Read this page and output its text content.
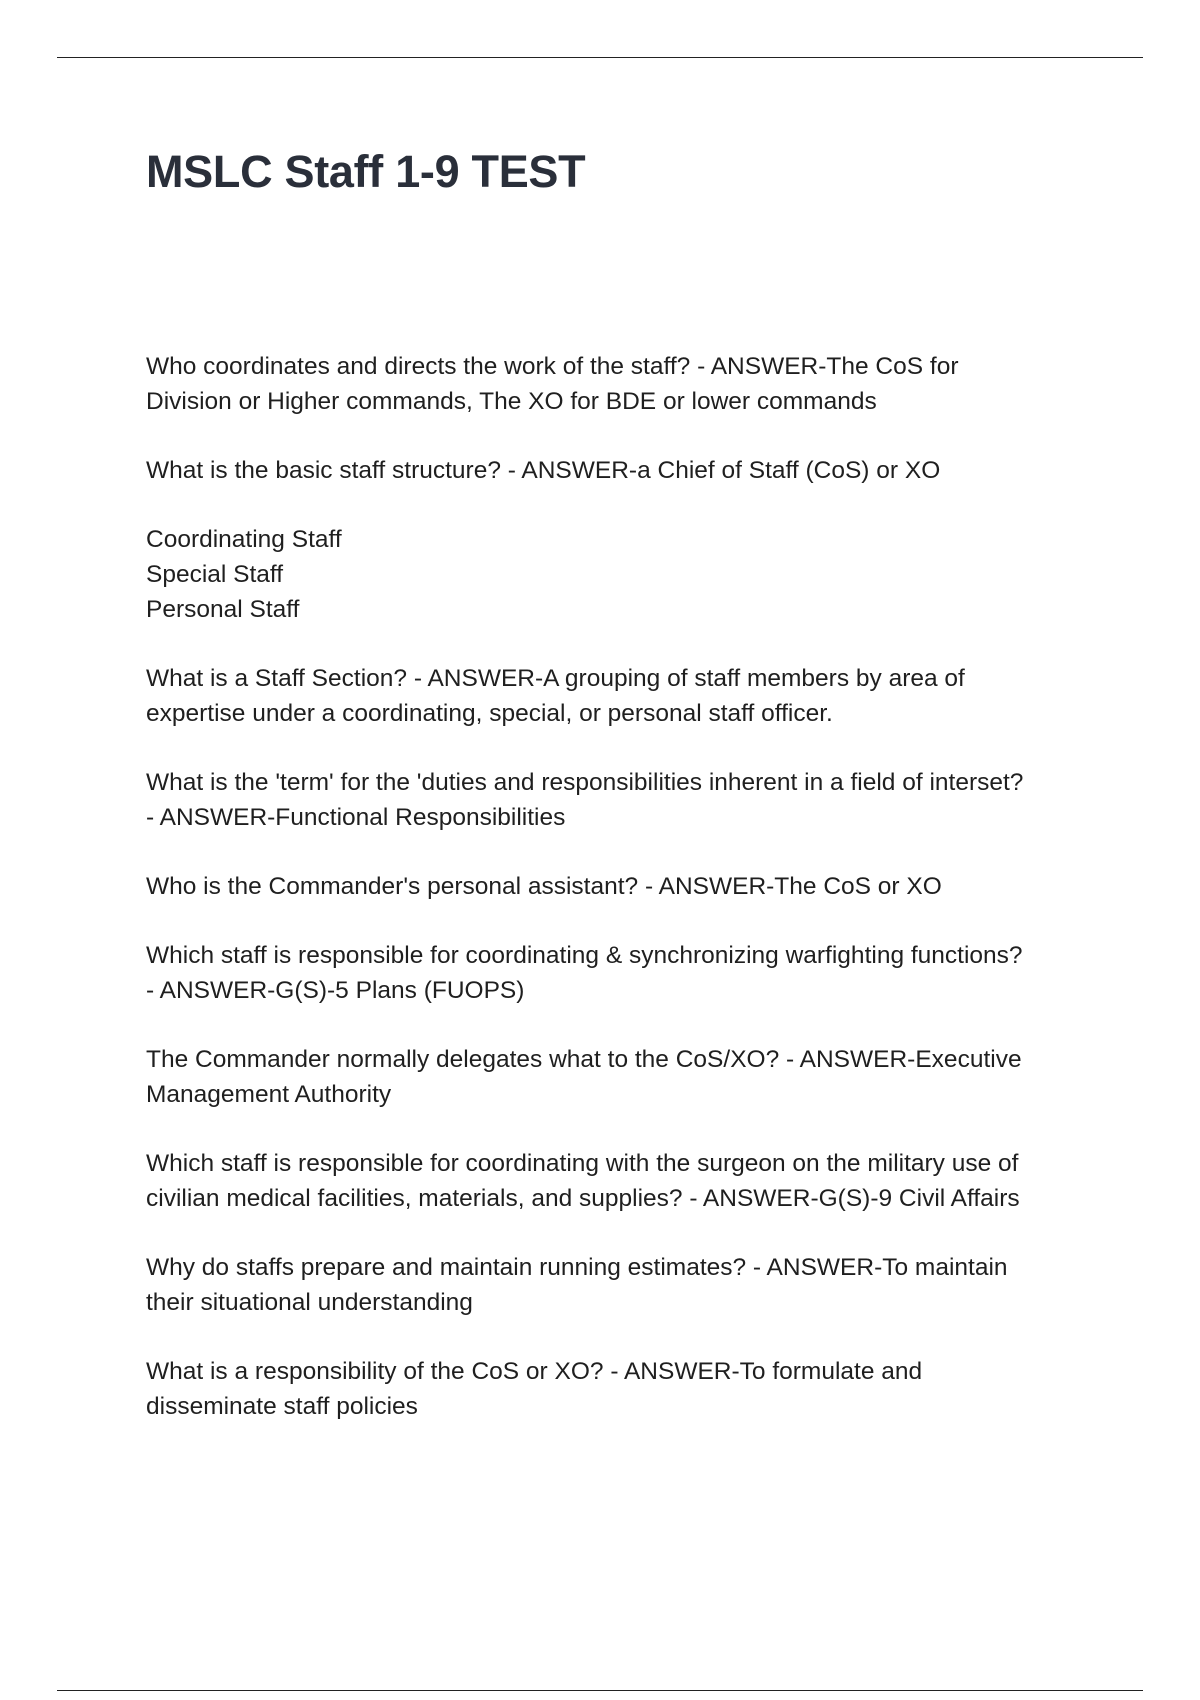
MSLC Staff 1-9 TEST

Who coordinates and directs the work of the staff? - ANSWER-The CoS for
Division or Higher commands, The XO for BDE or lower commands

What is the basic staff structure? - ANSWER-a Chief of Staff (CoS) or XO

Coordinating Staff
Special Staff
Personal Staff

What is a Staff Section? - ANSWER-A grouping of staff members by area of
expertise under a coordinating, special, or personal staff officer.

What is the 'term' for the 'duties and responsibilities inherent in a field of interset?
- ANSWER-Functional Responsibilities

Who is the Commander's personal assistant? - ANSWER-The CoS or XO

Which staff is responsible for coordinating & synchronizing warfighting functions?
- ANSWER-G(S)-5 Plans (FUOPS)

The Commander normally delegates what to the CoS/XO? - ANSWER-Executive
Management Authority

Which staff is responsible for coordinating with the surgeon on the military use of
civilian medical facilities, materials, and supplies? - ANSWER-G(S)-9 Civil Affairs

Why do staffs prepare and maintain running estimates? - ANSWER-To maintain
their situational understanding

What is a responsibility of the CoS or XO? - ANSWER-To formulate and
disseminate staff policies
